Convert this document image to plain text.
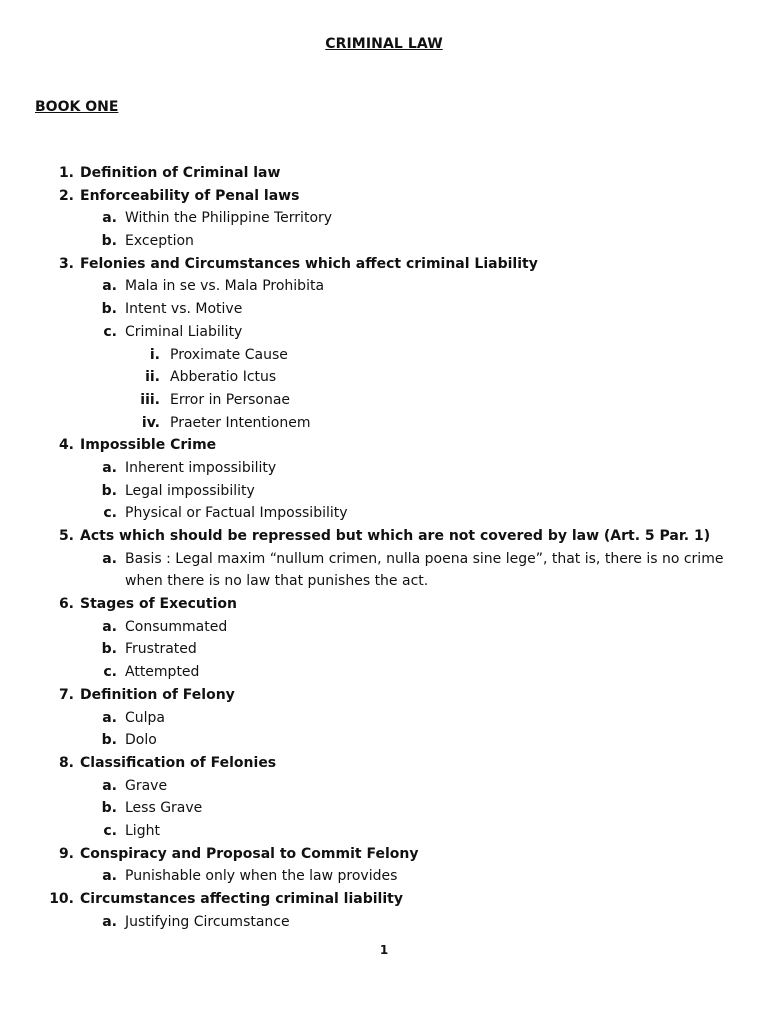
CRIMINAL LAW
BOOK ONE
1. Definition of Criminal law
2. Enforceability of Penal laws
a. Within the Philippine Territory
b. Exception
3. Felonies and Circumstances which affect criminal Liability
a. Mala in se vs. Mala Prohibita
b. Intent vs. Motive
c. Criminal Liability
i. Proximate Cause
ii. Abberatio Ictus
iii. Error in Personae
iv. Praeter Intentionem
4. Impossible Crime
a. Inherent impossibility
b. Legal impossibility
c. Physical or Factual Impossibility
5. Acts which should be repressed but which are not covered by law (Art. 5 Par. 1)
a. Basis : Legal maxim “nullum crimen, nulla poena sine lege”, that is, there is no crime when there is no law that punishes the act.
6. Stages of Execution
a. Consummated
b. Frustrated
c. Attempted
7. Definition of Felony
a. Culpa
b. Dolo
8. Classification of Felonies
a. Grave
b. Less Grave
c. Light
9. Conspiracy and Proposal to Commit Felony
a. Punishable only when the law provides
10. Circumstances affecting criminal liability
a. Justifying Circumstance
1
